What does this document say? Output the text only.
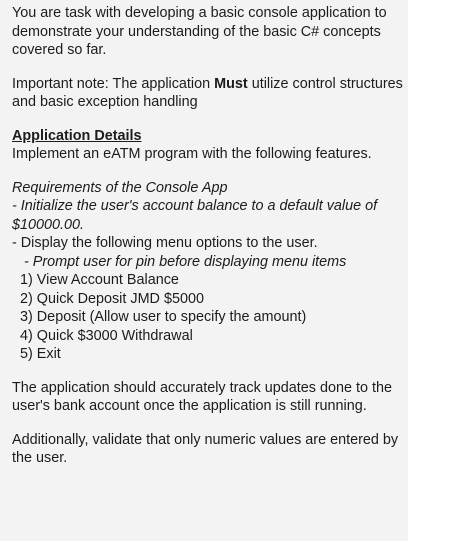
You are task with developing a basic console application to demonstrate your understanding of the basic C# concepts covered so far.

Important note: The application Must utilize control structures and basic exception handling

Application Details

Implement an eATM program with the following features.

Requirements of the Console App

- Initialize the user's account balance to a default value of $10000.00.

- Display the following menu options to the user.

- Prompt user for pin before displaying menu items

1) View Account Balance
2) Quick Deposit JMD $5000
3) Deposit (Allow user to specify the amount)
4) Quick $3000 Withdrawal
5) Exit

The application should accurately track updates done to the user's bank account once the application is still running.

Additionally, validate that only numeric values are entered by the user.
